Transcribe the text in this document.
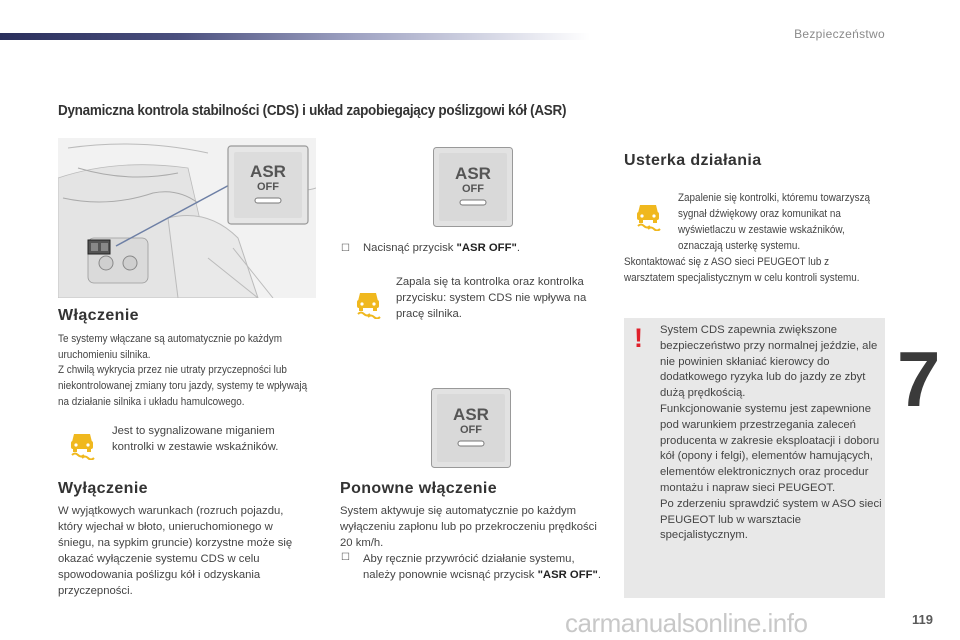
Bezpieczeństwo
7
119
carmanualsonline.info
Dynamiczna kontrola stabilności (CDS) i układ zapobiegający poślizgowi kół (ASR)
ASR
OFF
ASR
OFF
ASR
OFF
Włączenie
Te systemy włączane są automatycznie po każdym uruchomieniu silnika.
Z chwilą wykrycia przez nie utraty przyczepności lub niekontrolowanej zmiany toru jazdy, systemy te wpływają na działanie silnika i układu hamulcowego.
Jest to sygnalizowane miganiem kontrolki w zestawie wskaźników.
Wyłączenie
W wyjątkowych warunkach (rozruch pojazdu, który wjechał w błoto, unieruchomionego w śniegu, na sypkim gruncie) korzystne może się okazać wyłączenie systemu CDS w celu spowodowania poślizgu kół i odzyskania przyczepności.
☐ Nacisnąć przycisk "ASR OFF".
Zapala się ta kontrolka oraz kontrolka przycisku: system CDS nie wpływa na pracę silnika.
Ponowne włączenie
System aktywuje się automatycznie po każdym wyłączeniu zapłonu lub po przekroczeniu prędkości 20 km/h.
☐ Aby ręcznie przywrócić działanie systemu, należy ponownie wcisnąć przycisk "ASR OFF".
Usterka działania
Zapalenie się kontrolki, któremu towarzyszą sygnał dźwiękowy oraz komunikat na wyświetlaczu w zestawie wskaźników, oznaczają usterkę systemu.
Skontaktować się z ASO sieci PEUGEOT lub z warsztatem specjalistycznym w celu kontroli systemu.
! System CDS zapewnia zwiększone bezpieczeństwo przy normalnej jeździe, ale nie powinien skłaniać kierowcy do dodatkowego ryzyka lub do jazdy ze zbyt dużą prędkością.
Funkcjonowanie systemu jest zapewnione pod warunkiem przestrzegania zaleceń producenta w zakresie eksploatacji i doboru kół (opony i felgi), elementów hamujących, elementów elektronicznych oraz procedur montażu i napraw sieci PEUGEOT.
Po zderzeniu sprawdzić system w ASO sieci PEUGEOT lub w warsztacie specjalistycznym.
